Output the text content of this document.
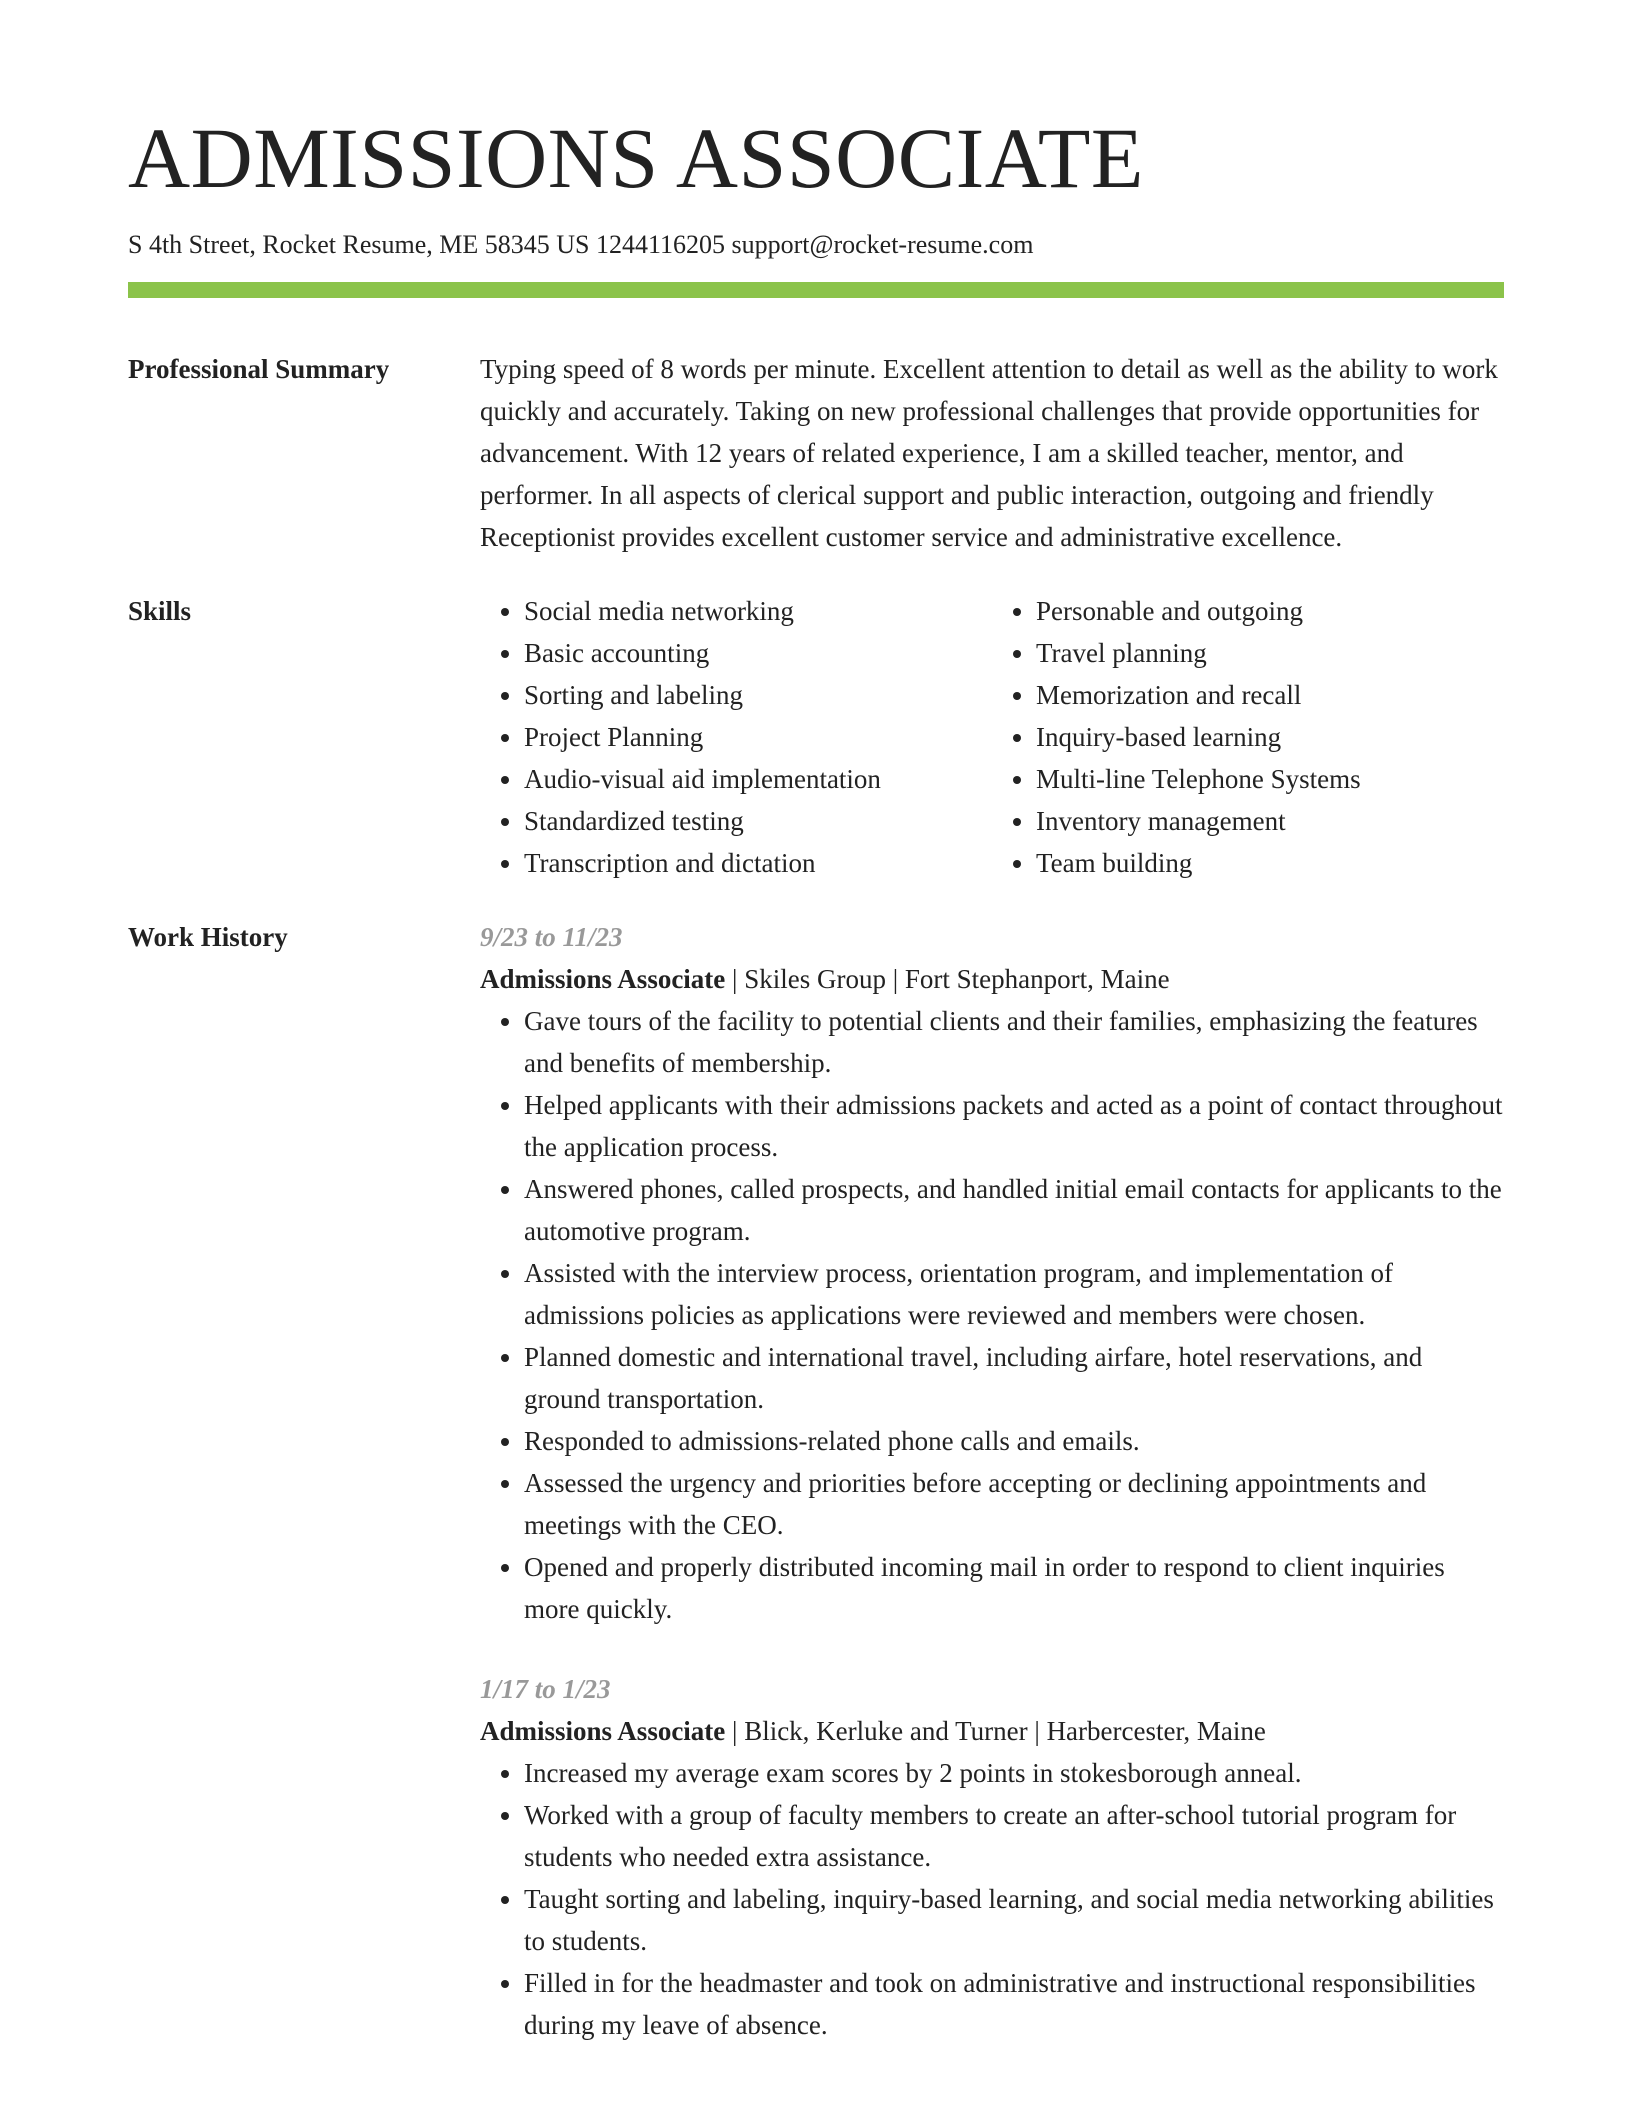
ADMISSIONS ASSOCIATE
S 4th Street, Rocket Resume, ME 58345 US 1244116205 support@rocket-resume.com
Professional Summary	Typing speed of 8 words per minute. Excellent attention to detail as well as the ability to work quickly and accurately. Taking on new professional challenges that provide opportunities for advancement. With 12 years of related experience, I am a skilled teacher, mentor, and performer. In all aspects of clerical support and public interaction, outgoing and friendly Receptionist provides excellent customer service and administrative excellence.

Skills
•	Social media networking
• Basic accounting
• Sorting and labeling
• Project Planning
• Audio-visual aid implementation
• Standardized testing
• Transcription and dictation
• Personable and outgoing
• Travel planning
• Memorization and recall
• Inquiry-based learning
• Multi-line Telephone Systems
• Inventory management
• Team building
Work History	9/23 to 11/23
Admissions Associate | Skiles Group | Fort Stephanport, Maine
• Gave tours of the facility to potential clients and their families, emphasizing the features and benefits of membership.
• Helped applicants with their admissions packets and acted as a point of contact throughout the application process.
• Answered phones, called prospects, and handled initial email contacts for applicants to the automotive program.
• Assisted with the interview process, orientation program, and implementation of admissions policies as applications were reviewed and members were chosen.
• Planned domestic and international travel, including airfare, hotel reservations, and ground transportation.
• Responded to admissions-related phone calls and emails.
• Assessed the urgency and priorities before accepting or declining appointments and meetings with the CEO.
• Opened and properly distributed incoming mail in order to respond to client inquiries more quickly.
1/17 to 1/23
Admissions Associate | Blick, Kerluke and Turner | Harbercester, Maine
• Increased my average exam scores by 2 points in stokesborough anneal.
• Worked with a group of faculty members to create an after-school tutorial program for students who needed extra assistance.
• Taught sorting and labeling, inquiry-based learning, and social media networking abilities to students.
• Filled in for the headmaster and took on administrative and instructional responsibilities during my leave of absence.
